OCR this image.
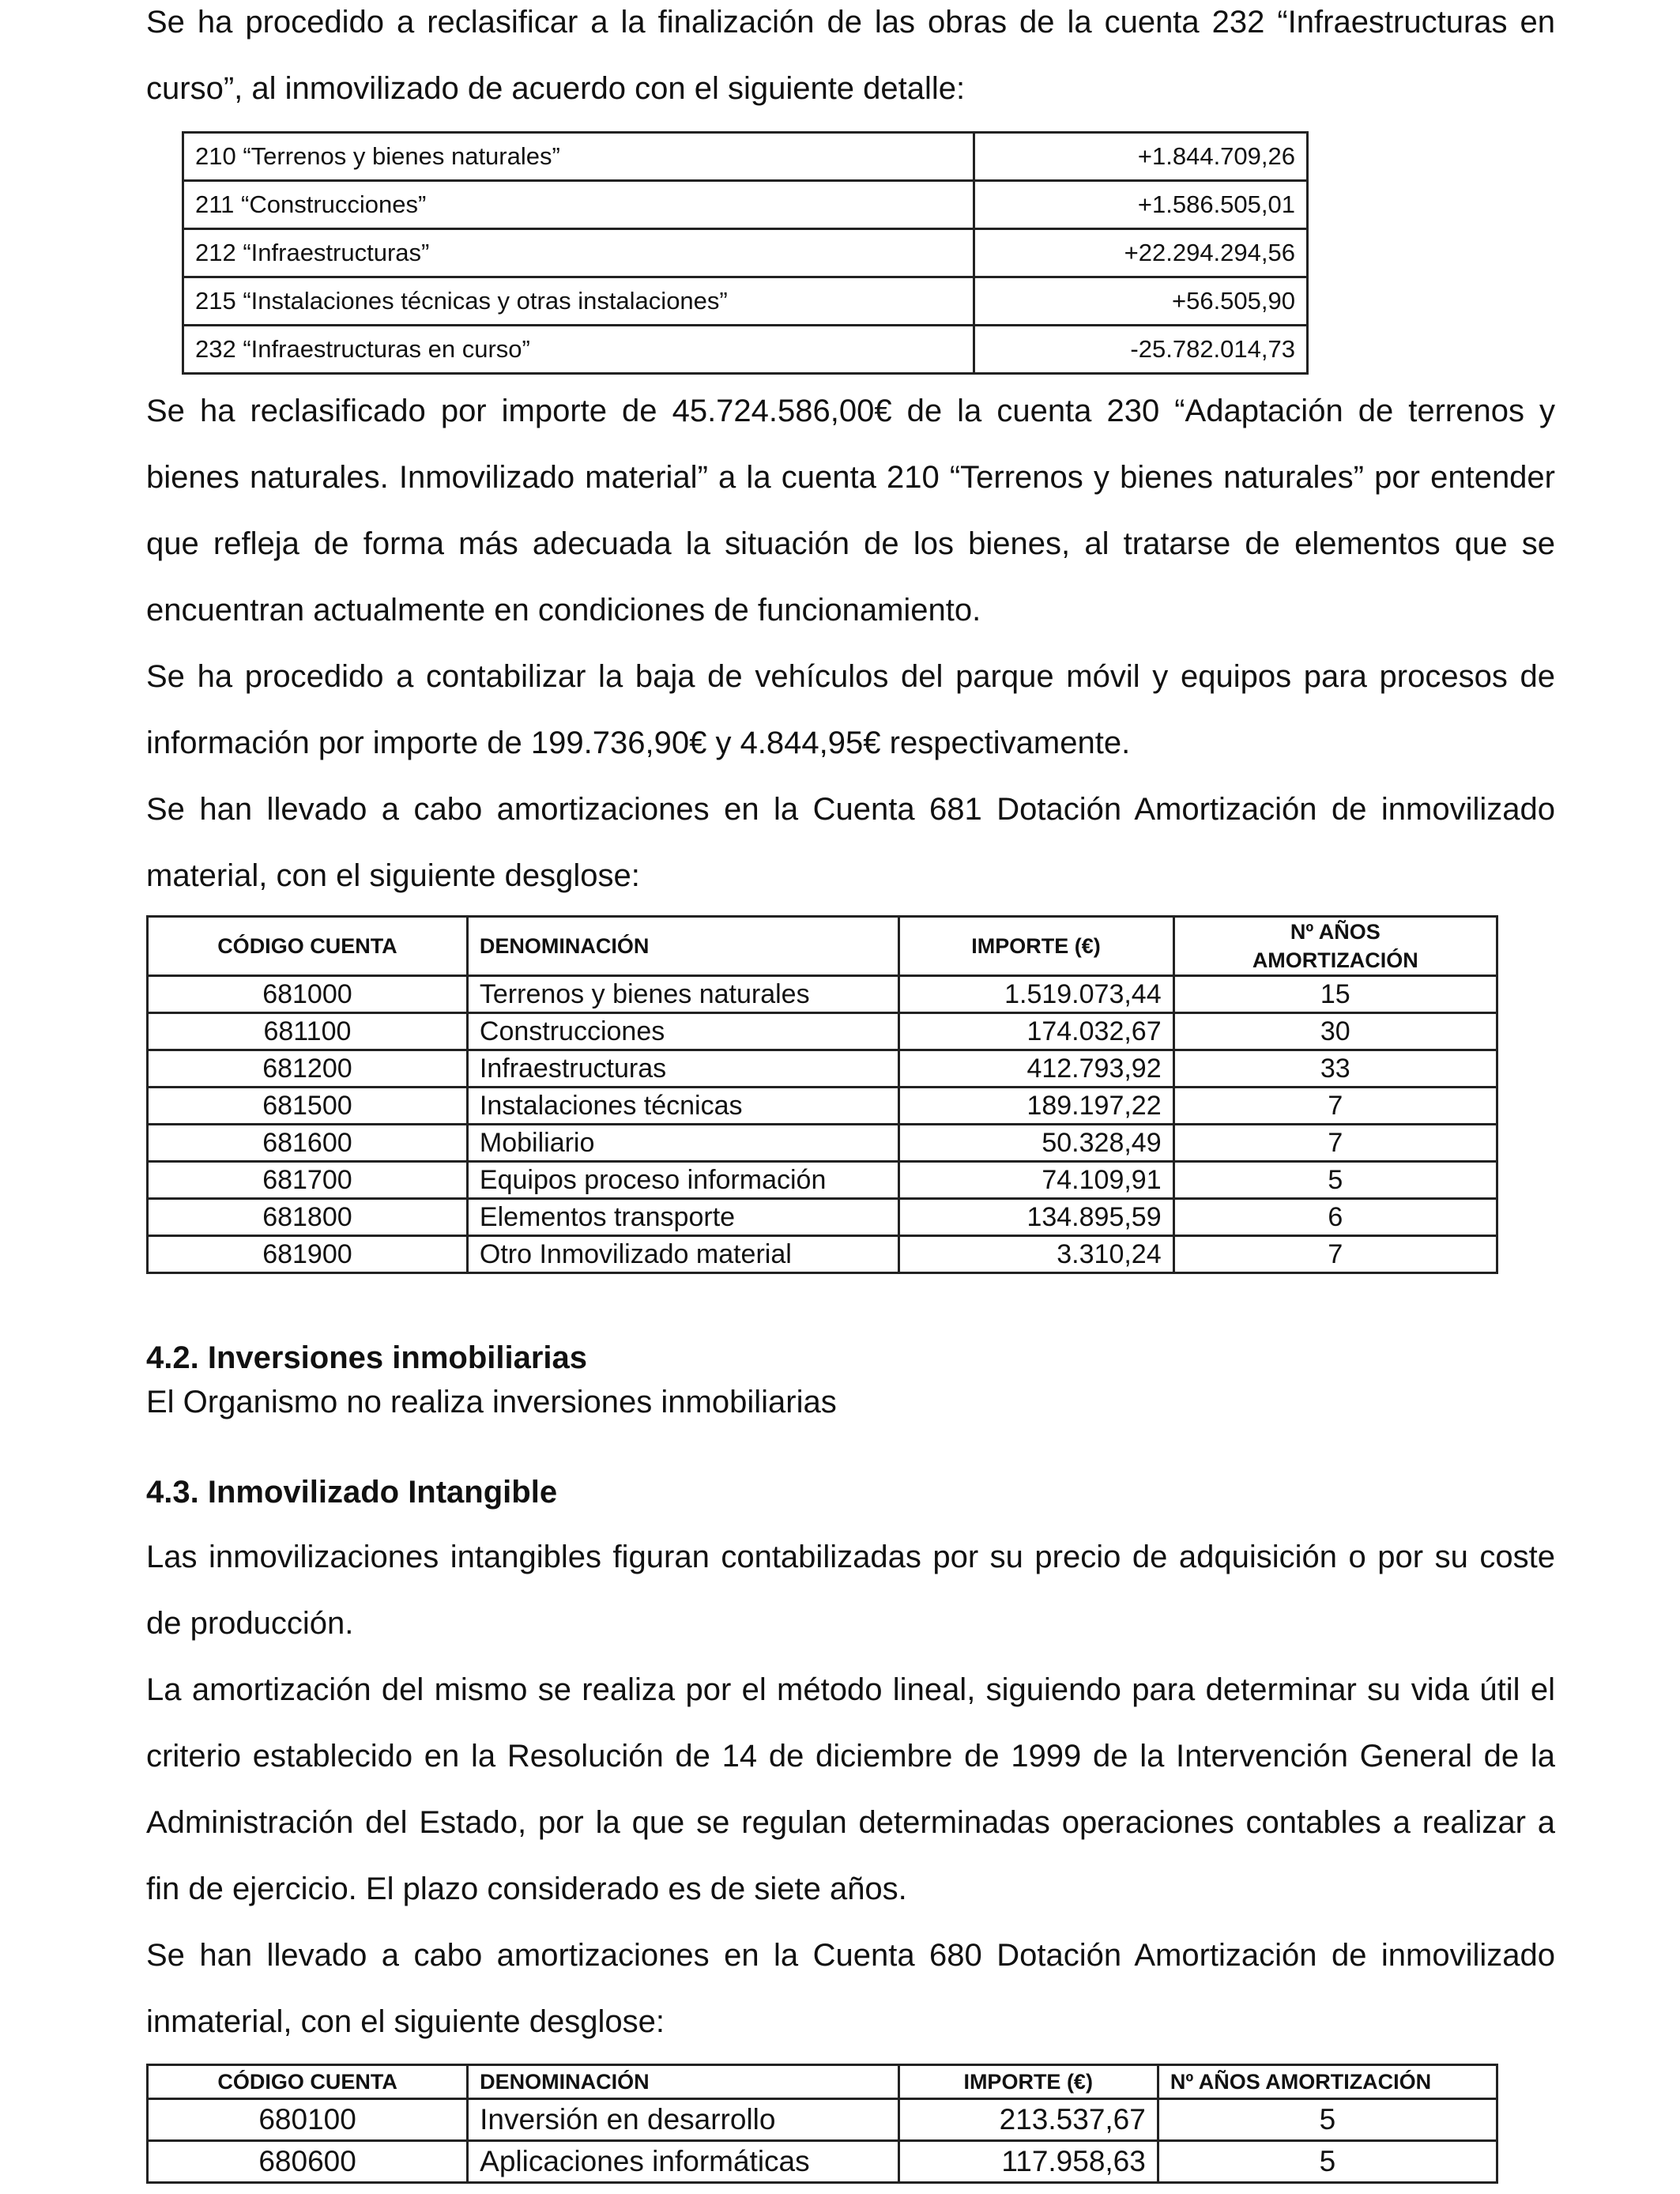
Se ha procedido a reclasificar a la finalización de las obras de la cuenta 232 “Infraestructuras en curso”, al inmovilizado de acuerdo con el siguiente detalle:

210 “Terrenos y bienes naturales”	+1.844.709,26
211 “Construcciones”	+1.586.505,01
212 “Infraestructuras”	+22.294.294,56
215 “Instalaciones técnicas y otras instalaciones”	+56.505,90
232 “Infraestructuras en curso”	-25.782.014,73

Se ha reclasificado por importe de 45.724.586,00€ de la cuenta 230 “Adaptación de terrenos y bienes naturales. Inmovilizado material” a la cuenta 210 “Terrenos y bienes naturales” por entender que refleja de forma más adecuada la situación de los bienes, al tratarse de elementos que se encuentran actualmente en condiciones de funcionamiento.

Se ha procedido a contabilizar la baja de vehículos del parque móvil y equipos para procesos de información por importe de 199.736,90€ y 4.844,95€ respectivamente.

Se han llevado a cabo amortizaciones en la Cuenta 681 Dotación Amortización de inmovilizado material, con el siguiente desglose:

CÓDIGO CUENTA	DENOMINACIÓN	IMPORTE (€)	Nº AÑOS
AMORTIZACIÓN
681000	Terrenos y bienes naturales	1.519.073,44	15
681100	Construcciones	174.032,67	30
681200	Infraestructuras	412.793,92	33
681500	Instalaciones técnicas	189.197,22	7
681600	Mobiliario	50.328,49	7
681700	Equipos proceso información	74.109,91	5
681800	Elementos transporte	134.895,59	6
681900	Otro Inmovilizado material	3.310,24	7
4.2. Inversiones inmobiliarias

El Organismo no realiza inversiones inmobiliarias

4.3. Inmovilizado Intangible

Las inmovilizaciones intangibles figuran contabilizadas por su precio de adquisición o por su coste de producción.

La amortización del mismo se realiza por el método lineal, siguiendo para determinar su vida útil el criterio establecido en la Resolución de 14 de diciembre de 1999 de la Intervención General de la Administración del Estado, por la que se regulan determinadas operaciones contables a realizar a fin de ejercicio. El plazo considerado es de siete años.

Se han llevado a cabo amortizaciones en la Cuenta 680 Dotación Amortización de inmovilizado inmaterial, con el siguiente desglose:

CÓDIGO CUENTA	DENOMINACIÓN	IMPORTE (€)	Nº AÑOS AMORTIZACIÓN
680100	Inversión en desarrollo	213.537,67	5
680600	Aplicaciones informáticas	117.958,63	5
